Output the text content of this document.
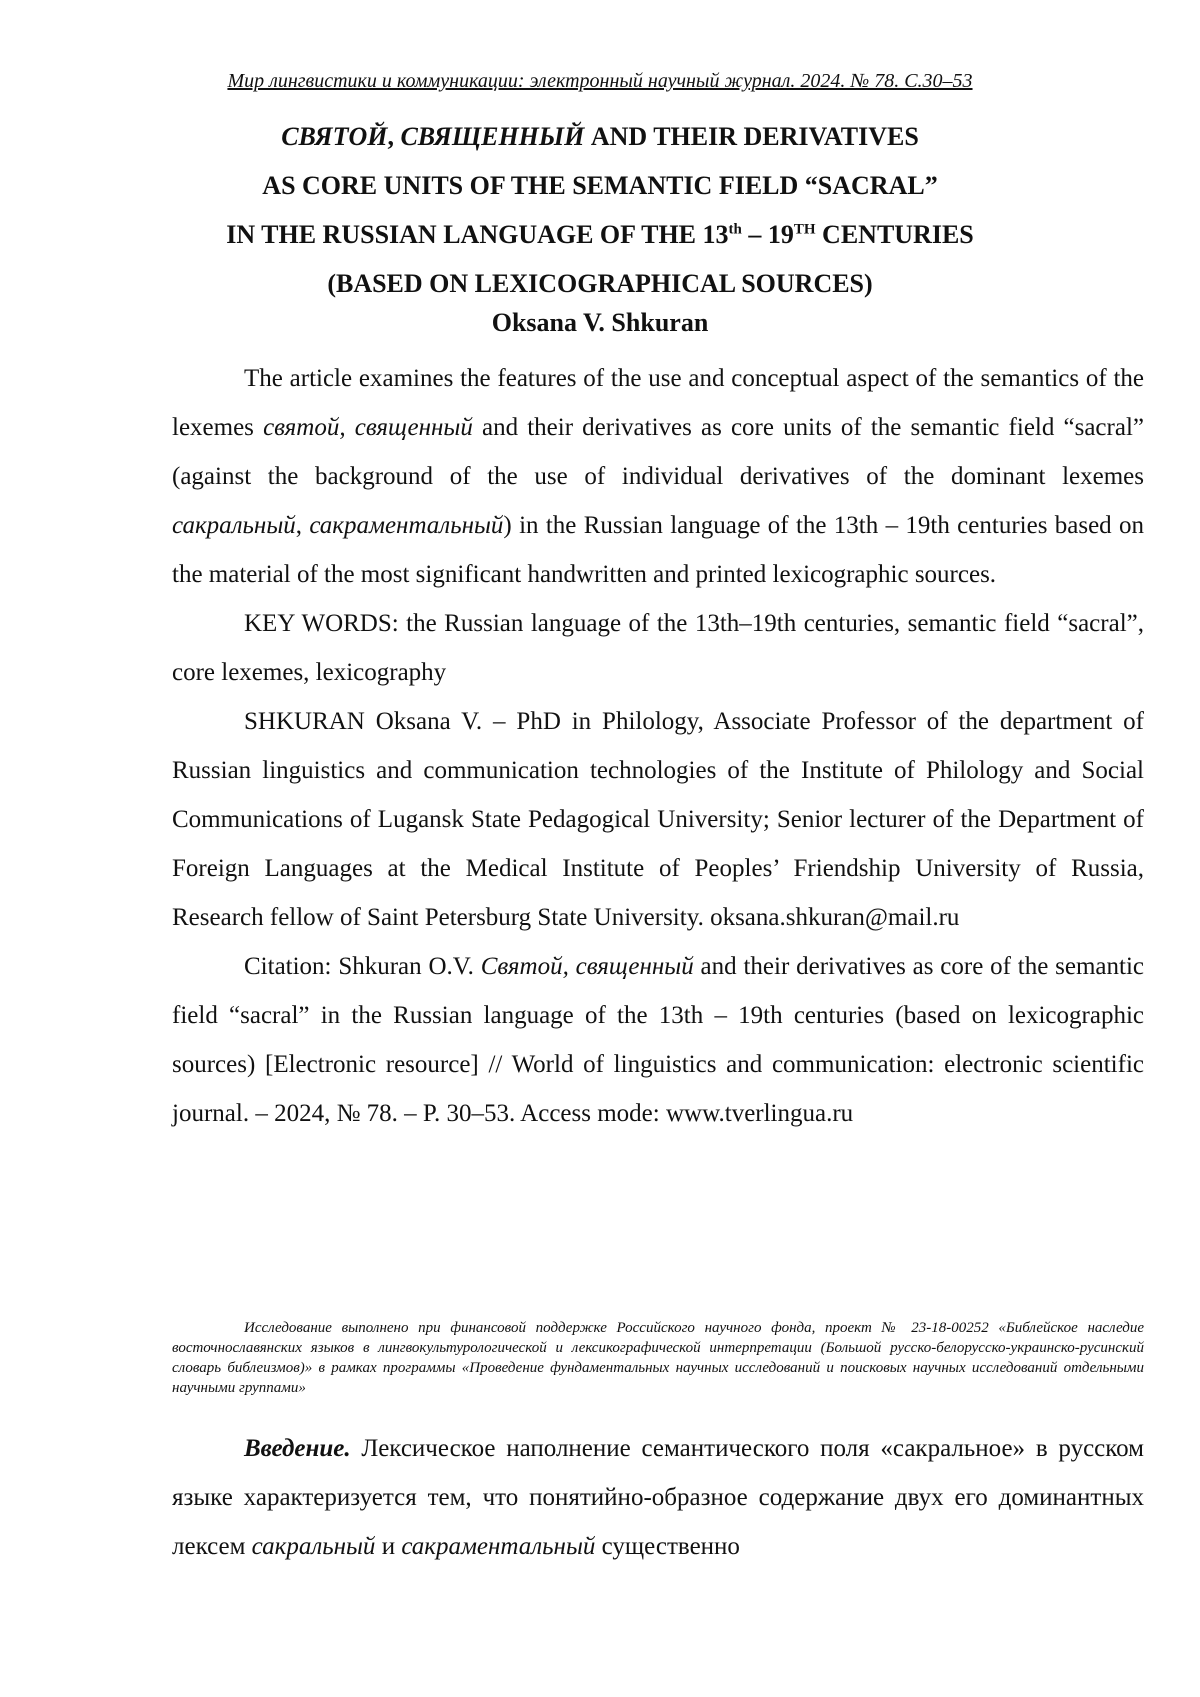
Мир лингвистики и коммуникации: электронный научный журнал. 2024. № 78. С.30–53
СВЯТОЙ, СВЯЩЕННЫЙ AND THEIR DERIVATIVES
AS CORE UNITS OF THE SEMANTIC FIELD “SACRAL”
IN THE RUSSIAN LANGUAGE OF THE 13th – 19TH CENTURIES
(BASED ON LEXICOGRAPHICAL SOURCES)
Oksana V. Shkuran

The article examines the features of the use and conceptual aspect of the semantics of the lexemes святой, священный and their derivatives as core units of the semantic field “sacral” (against the background of the use of individual derivatives of the dominant lexemes сакральный, сакраментальный) in the Russian language of the 13th – 19th centuries based on the material of the most significant handwritten and printed lexicographic sources.

KEY WORDS: the Russian language of the 13th–19th centuries, semantic field “sacral”, core lexemes, lexicography

SHKURAN Oksana V. – PhD in Philology, Associate Professor of the department of Russian linguistics and communication technologies of the Institute of Philology and Social Communications of Lugansk State Pedagogical University; Senior lecturer of the Department of Foreign Languages at the Medical Institute of Peoples’ Friendship University of Russia, Research fellow of Saint Petersburg State University. oksana.shkuran@mail.ru

Citation: Shkuran O.V. Святой, священный and their derivatives as core of the semantic field “sacral” in the Russian language of the 13th – 19th centuries (based on lexicographic sources) [Electronic resource] // World of linguistics and communication: electronic scientific journal. – 2024, № 78. – P. 30–53. Access mode: www.tverlingua.ru

Исследование выполнено при финансовой поддержке Российского научного фонда, проект № 23-18-00252 «Библейское наследие восточнославянских языков в лингвокультурологической и лексикографической интерпретации (Большой русско-белорусско-украинско-русинский словарь библеизмов)» в рамках программы «Проведение фундаментальных научных исследований и поисковых научных исследований отдельными научными группами»

Введение. Лексическое наполнение семантического поля «сакральное» в русском языке характеризуется тем, что понятийно-образное содержание двух его доминантных лексем сакральный и сакраментальный существенно
